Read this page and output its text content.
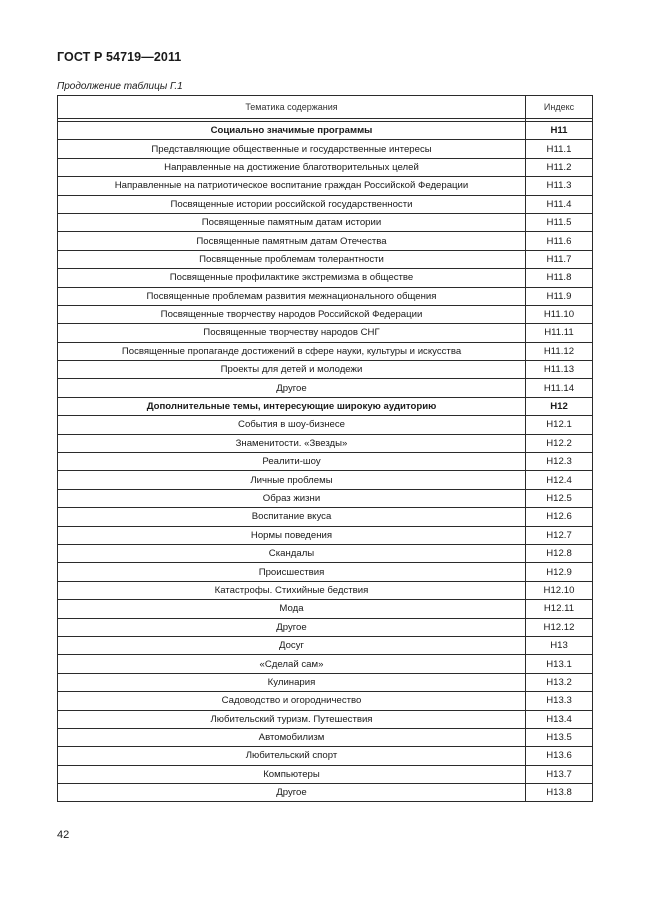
ГОСТ Р 54719—2011
Продолжение таблицы Г.1
Тематика содержания	Индекс

Социально значимые программы	Н11
Представляющие общественные и государственные интересы	Н11.1
Направленные на достижение благотворительных целей	Н11.2
Направленные на патриотическое воспитание граждан Российской Федерации	Н11.3
Посвященные истории российской государственности	Н11.4
Посвященные памятным датам истории	Н11.5
Посвященные памятным датам Отечества	Н11.6
Посвященные проблемам толерантности	Н11.7
Посвященные профилактике экстремизма в обществе	Н11.8
Посвященные проблемам развития межнационального общения	Н11.9
Посвященные творчеству народов Российской Федерации	Н11.10
Посвященные творчеству народов СНГ	Н11.11
Посвященные пропаганде достижений в сфере науки, культуры и искусства	Н11.12
Проекты для детей и молодежи	Н11.13
Другое	Н11.14
Дополнительные темы, интересующие широкую аудиторию	Н12
События в шоу-бизнесе	Н12.1
Знаменитости. «Звезды»	Н12.2
Реалити-шоу	Н12.3
Личные проблемы	Н12.4
Образ жизни	Н12.5
Воспитание вкуса	Н12.6
Нормы поведения	Н12.7
Скандалы	Н12.8
Происшествия	Н12.9
Катастрофы. Стихийные бедствия	Н12.10
Мода	Н12.11
Другое	Н12.12
Досуг	Н13
«Сделай сам»	Н13.1
Кулинария	Н13.2
Садоводство и огородничество	Н13.3
Любительский туризм. Путешествия	Н13.4
Автомобилизм	Н13.5
Любительский спорт	Н13.6
Компьютеры	Н13.7
Другое	Н13.8
42
